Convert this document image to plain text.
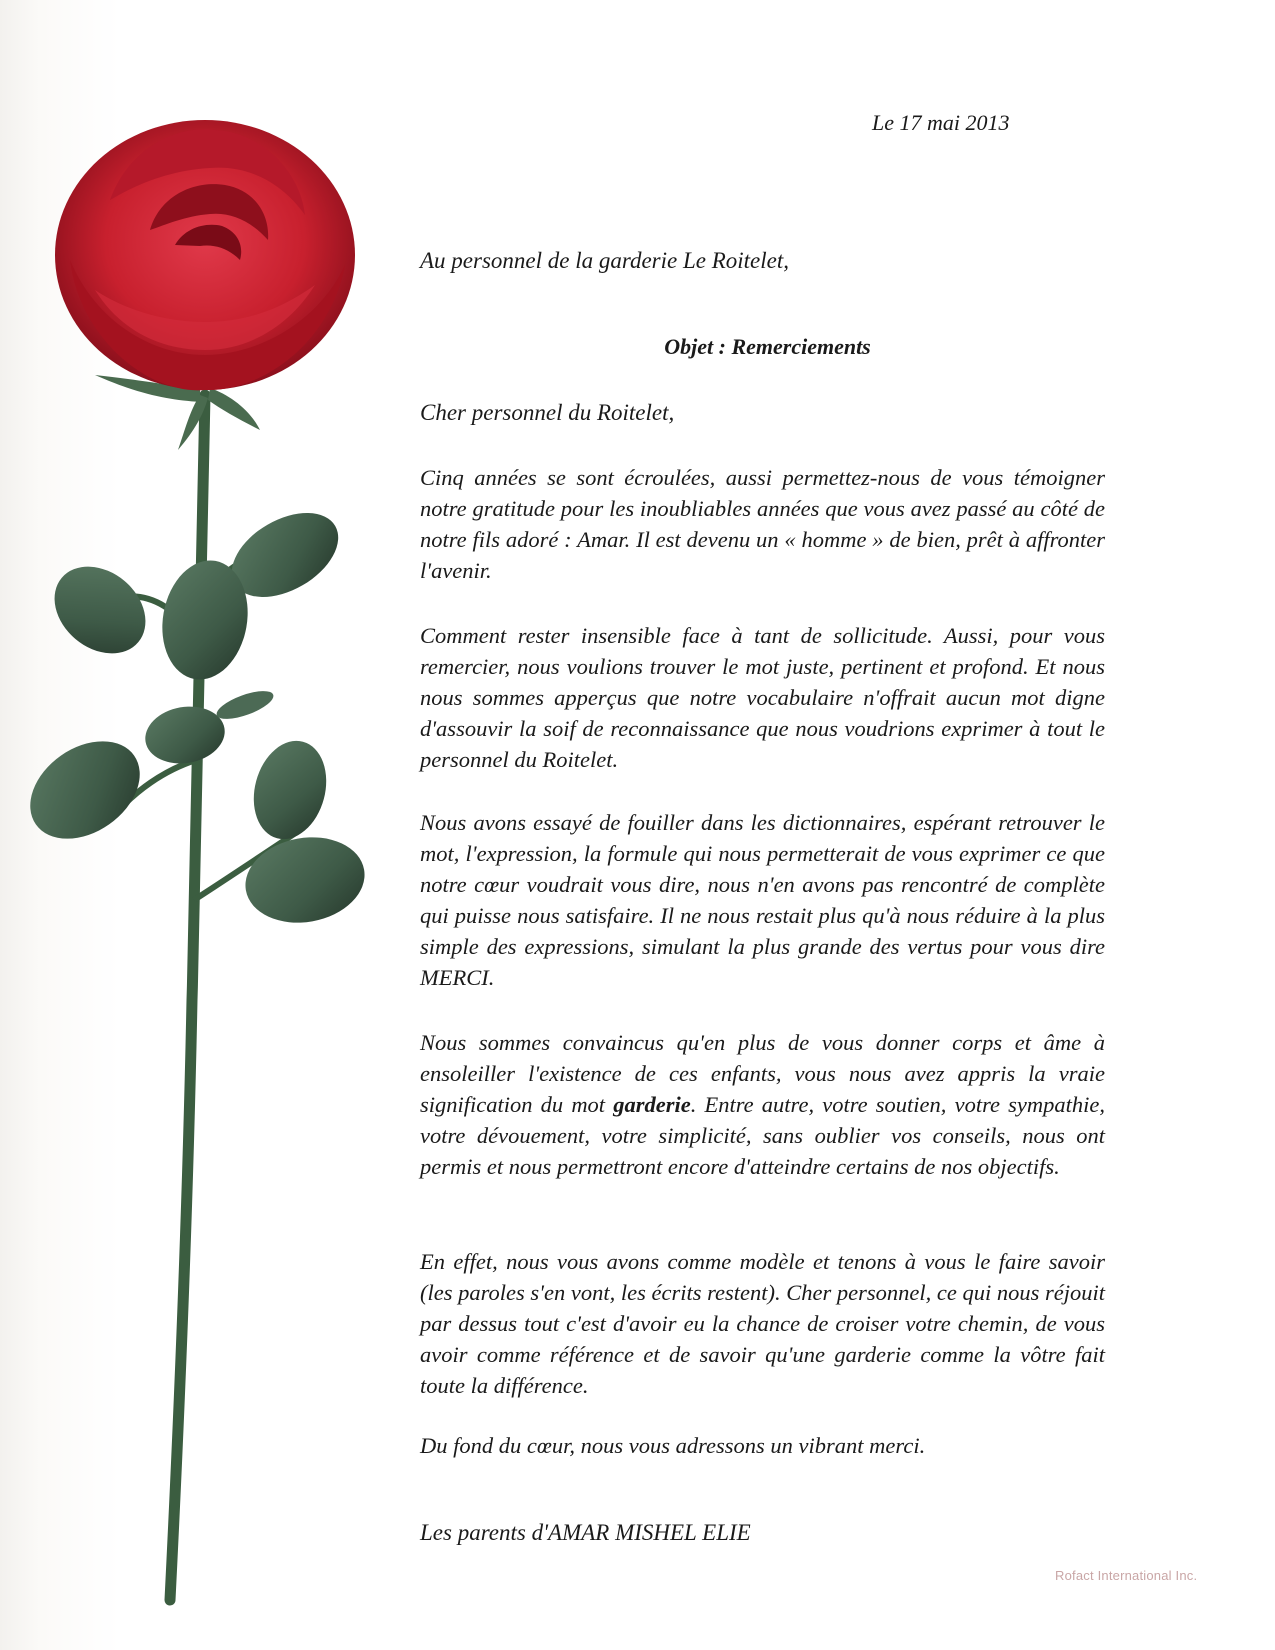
Le 17 mai 2013
Au personnel de la garderie Le Roitelet,
Objet : Remerciements
Cher personnel du Roitelet,

Cinq années se sont écroulées, aussi permettez-nous de vous témoigner notre gratitude pour les inoubliables années que vous avez passé au côté de notre fils adoré : Amar. Il est devenu un « homme » de bien, prêt à affronter l'avenir.

Comment rester insensible face à tant de sollicitude. Aussi, pour vous remercier, nous voulions trouver le mot juste, pertinent et profond. Et nous nous sommes apperçus que notre vocabulaire n'offrait aucun mot digne d'assouvir la soif de reconnaissance que nous voudrions exprimer à tout le personnel du Roitelet.

Nous avons essayé de fouiller dans les dictionnaires, espérant retrouver le mot, l'expression, la formule qui nous permetterait de vous exprimer ce que notre cœur voudrait vous dire, nous n'en avons pas rencontré de complète qui puisse nous satisfaire. Il ne nous restait plus qu'à nous réduire à la plus simple des expressions, simulant la plus grande des vertus pour vous dire MERCI.

Nous sommes convaincus qu'en plus de vous donner corps et âme à ensoleiller l'existence de ces enfants, vous nous avez appris la vraie signification du mot garderie. Entre autre, votre soutien, votre sympathie, votre dévouement, votre simplicité, sans oublier vos conseils, nous ont permis et nous permettront encore d'atteindre certains de nos objectifs.

En effet, nous vous avons comme modèle et tenons à vous le faire savoir (les paroles s'en vont, les écrits restent). Cher personnel, ce qui nous réjouit par dessus tout c'est d'avoir eu la chance de croiser votre chemin, de vous avoir comme référence et de savoir qu'une garderie comme la vôtre fait toute la différence.

Du fond du cœur, nous vous adressons un vibrant merci.

Les parents d'AMAR MISHEL ELIE
Rofact International Inc.
